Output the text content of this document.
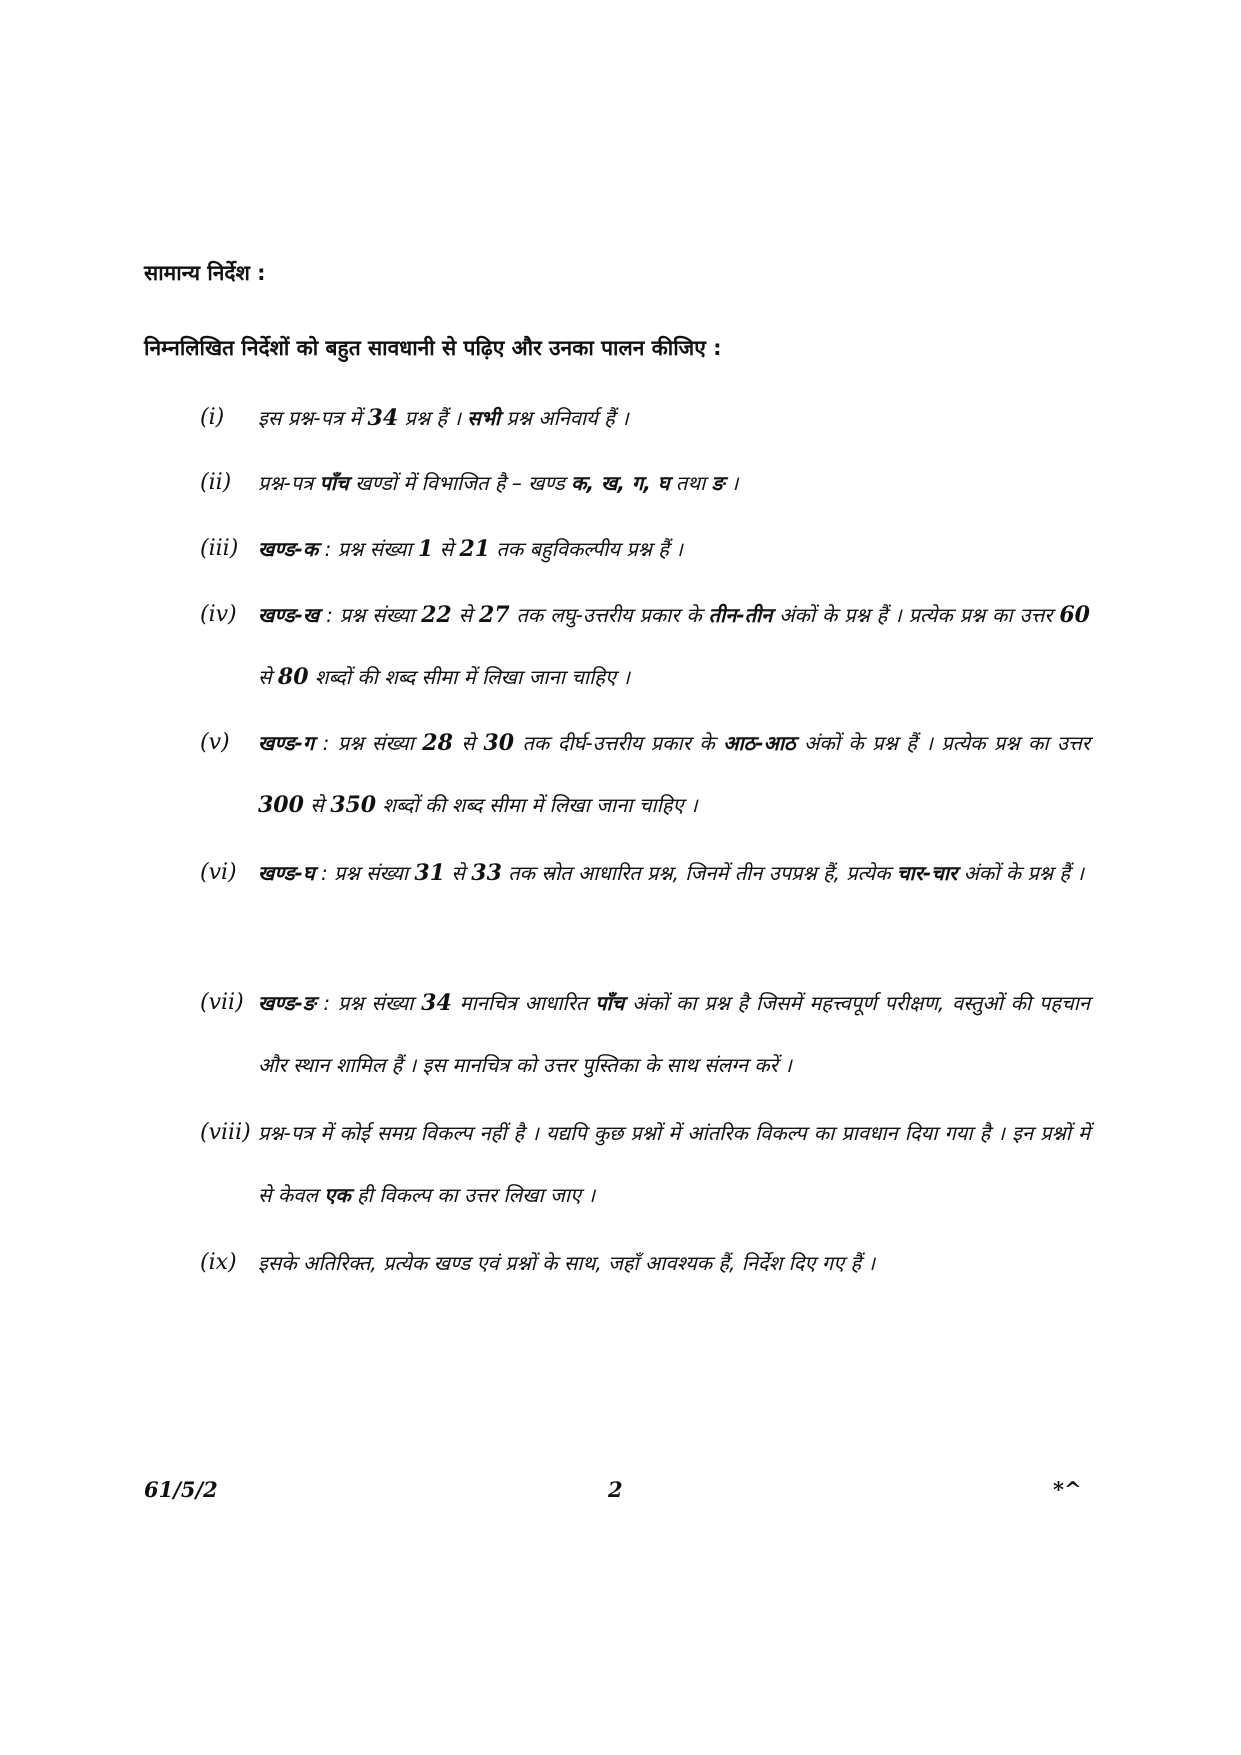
सामान्य निर्देश :
निम्नलिखित निर्देशों को बहुत सावधानी से पढ़िए और उनका पालन कीजिए :
(i) इस प्रश्न-पत्र में 34 प्रश्न हैं । सभी प्रश्न अनिवार्य हैं ।
(ii) प्रश्न-पत्र पाँच खण्डों में विभाजित है – खण्ड क, ख, ग, घ तथा ङ ।
(iii) खण्ड-क : प्रश्न संख्या 1 से 21 तक बहुविकल्पीय प्रश्न हैं ।
(iv) खण्ड-ख : प्रश्न संख्या 22 से 27 तक लघु-उत्तरीय प्रकार के तीन-तीन अंकों के प्रश्न हैं । प्रत्येक प्रश्न का उत्तर 60 से 80 शब्दों की शब्द सीमा में लिखा जाना चाहिए ।
(v) खण्ड-ग : प्रश्न संख्या 28 से 30 तक दीर्घ-उत्तरीय प्रकार के आठ-आठ अंकों के प्रश्न हैं । प्रत्येक प्रश्न का उत्तर 300 से 350 शब्दों की शब्द सीमा में लिखा जाना चाहिए ।
(vi) खण्ड-घ : प्रश्न संख्या 31 से 33 तक स्रोत आधारित प्रश्न, जिनमें तीन उपप्रश्न हैं, प्रत्येक चार-चार अंकों के प्रश्न हैं ।
(vii) खण्ड-ङ : प्रश्न संख्या 34 मानचित्र आधारित पाँच अंकों का प्रश्न है जिसमें महत्त्वपूर्ण परीक्षण, वस्तुओं की पहचान और स्थान शामिल हैं । इस मानचित्र को उत्तर पुस्तिका के साथ संलग्न करें ।
(viii) प्रश्न-पत्र में कोई समग्र विकल्प नहीं है । यद्यपि कुछ प्रश्नों में आंतरिक विकल्प का प्रावधान दिया गया है । इन प्रश्नों में से केवल एक ही विकल्प का उत्तर लिखा जाए ।
(ix) इसके अतिरिक्त, प्रत्येक खण्ड एवं प्रश्नों के साथ, जहाँ आवश्यक हैं, निर्देश दिए गए हैं ।
61/5/2	2	*^
